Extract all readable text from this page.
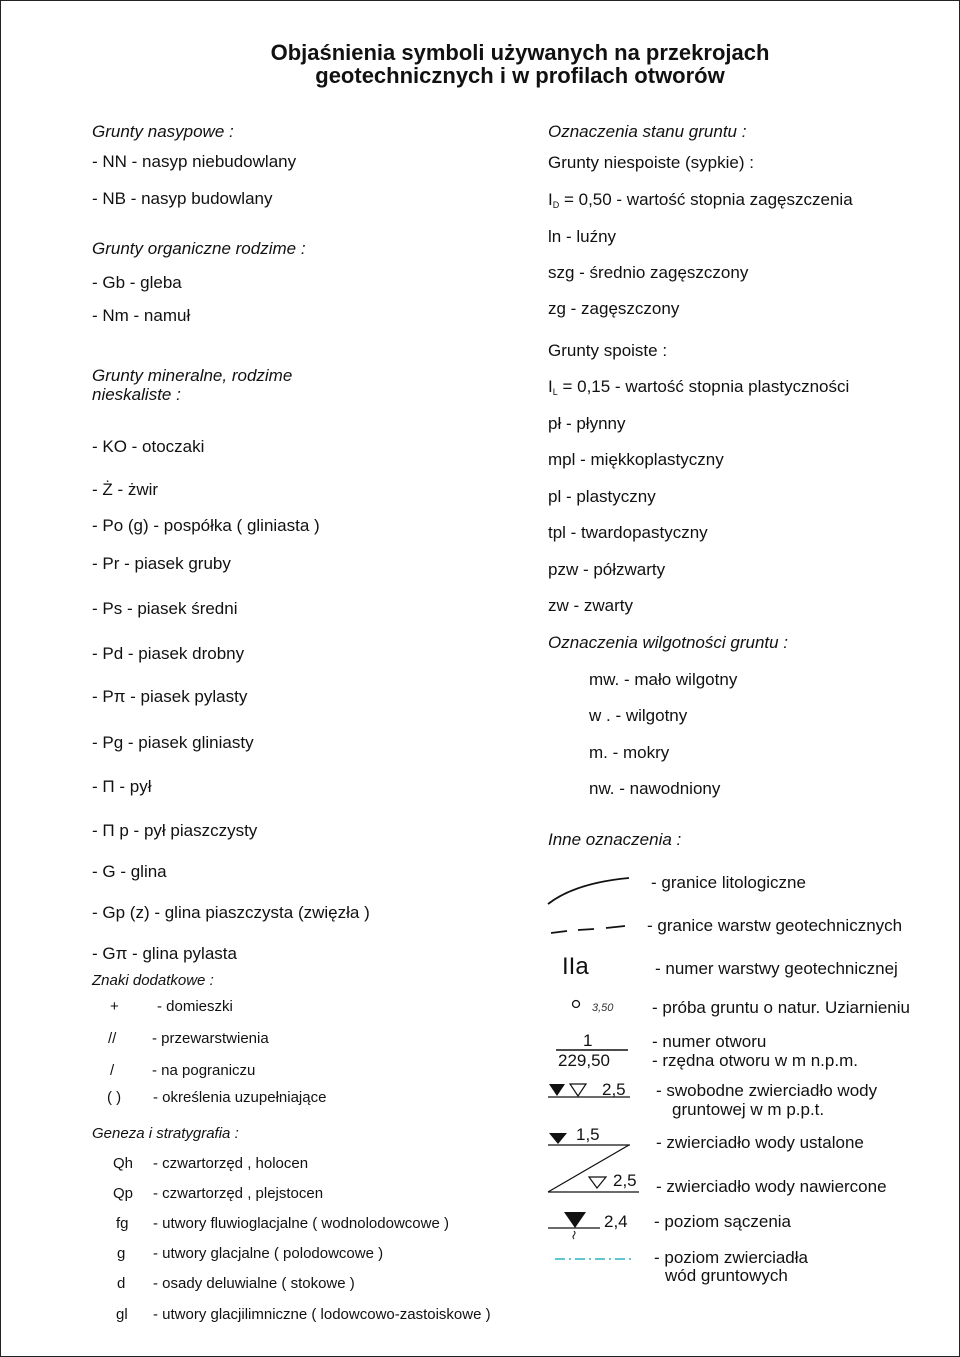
Objaśnienia symboli używanych na przekrojach
geotechnicznych i w profilach otworów
Grunty nasypowe :
- NN - nasyp niebudowlany
- NB - nasyp budowlany
Grunty organiczne rodzime :
- Gb - gleba
- Nm - namuł
Grunty mineralne, rodzime
nieskaliste :
- KO - otoczaki
- Ż - żwir
- Po (g) - pospółka ( gliniasta )
- Pr - piasek gruby
- Ps - piasek średni
- Pd - piasek drobny
- Pπ - piasek pylasty
- Pg - piasek gliniasty
- Π - pył
- Π p - pył piaszczysty
- G - glina
- Gp (z) - glina piaszczysta (zwięzła )
- Gπ - glina pylasta
Znaki dodatkowe :
+	- domieszki
// - przewarstwienia
/	- na pograniczu
( ) - określenia uzupełniające
Geneza i stratygrafia :
Qh - czwartorzęd , holocen
Qp - czwartorzęd , plejstocen
fg - utwory fluwioglacjalne ( wodnolodowcowe )
g - utwory glacjalne ( polodowcowe )
d - osady deluwialne ( stokowe )
gl - utwory glacjilimniczne ( lodowcowo-zastoiskowe )
Oznaczenia stanu gruntu :
Grunty niespoiste (sypkie) :
$I_D = 0,50$ - wartość stopnia zagęszczenia
ln - luźny
szg - średnio zagęszczony
zg - zagęszczony
Grunty spoiste :
$I_L = 0,15$ - wartość stopnia plastyczności
pł - płynny
mpl - miękkoplastyczny
pl - plastyczny
tpl - twardopastyczny
pzw - półzwarty
zw - zwarty
Oznaczenia wilgotności gruntu :
mw. - mało wilgotny
w . - wilgotny
m. - mokry
nw. - nawodniony
Inne oznaczenia :
- granice litologiczne
- granice warstw geotechnicznych
IIa	- numer warstwy geotechnicznej
3,50 - próba gruntu o natur. Uziarnieniu
1
229,50
- numer otworu
- rzędna otworu w m n.p.m.
2,5 - swobodne zwierciadło wody
gruntowej w m p.p.t.
1,5	- zwierciadło wody ustalone
2,5 - zwierciadło wody nawiercone
2,4 - poziom sączenia
- poziom zwierciadła
wód gruntowych
